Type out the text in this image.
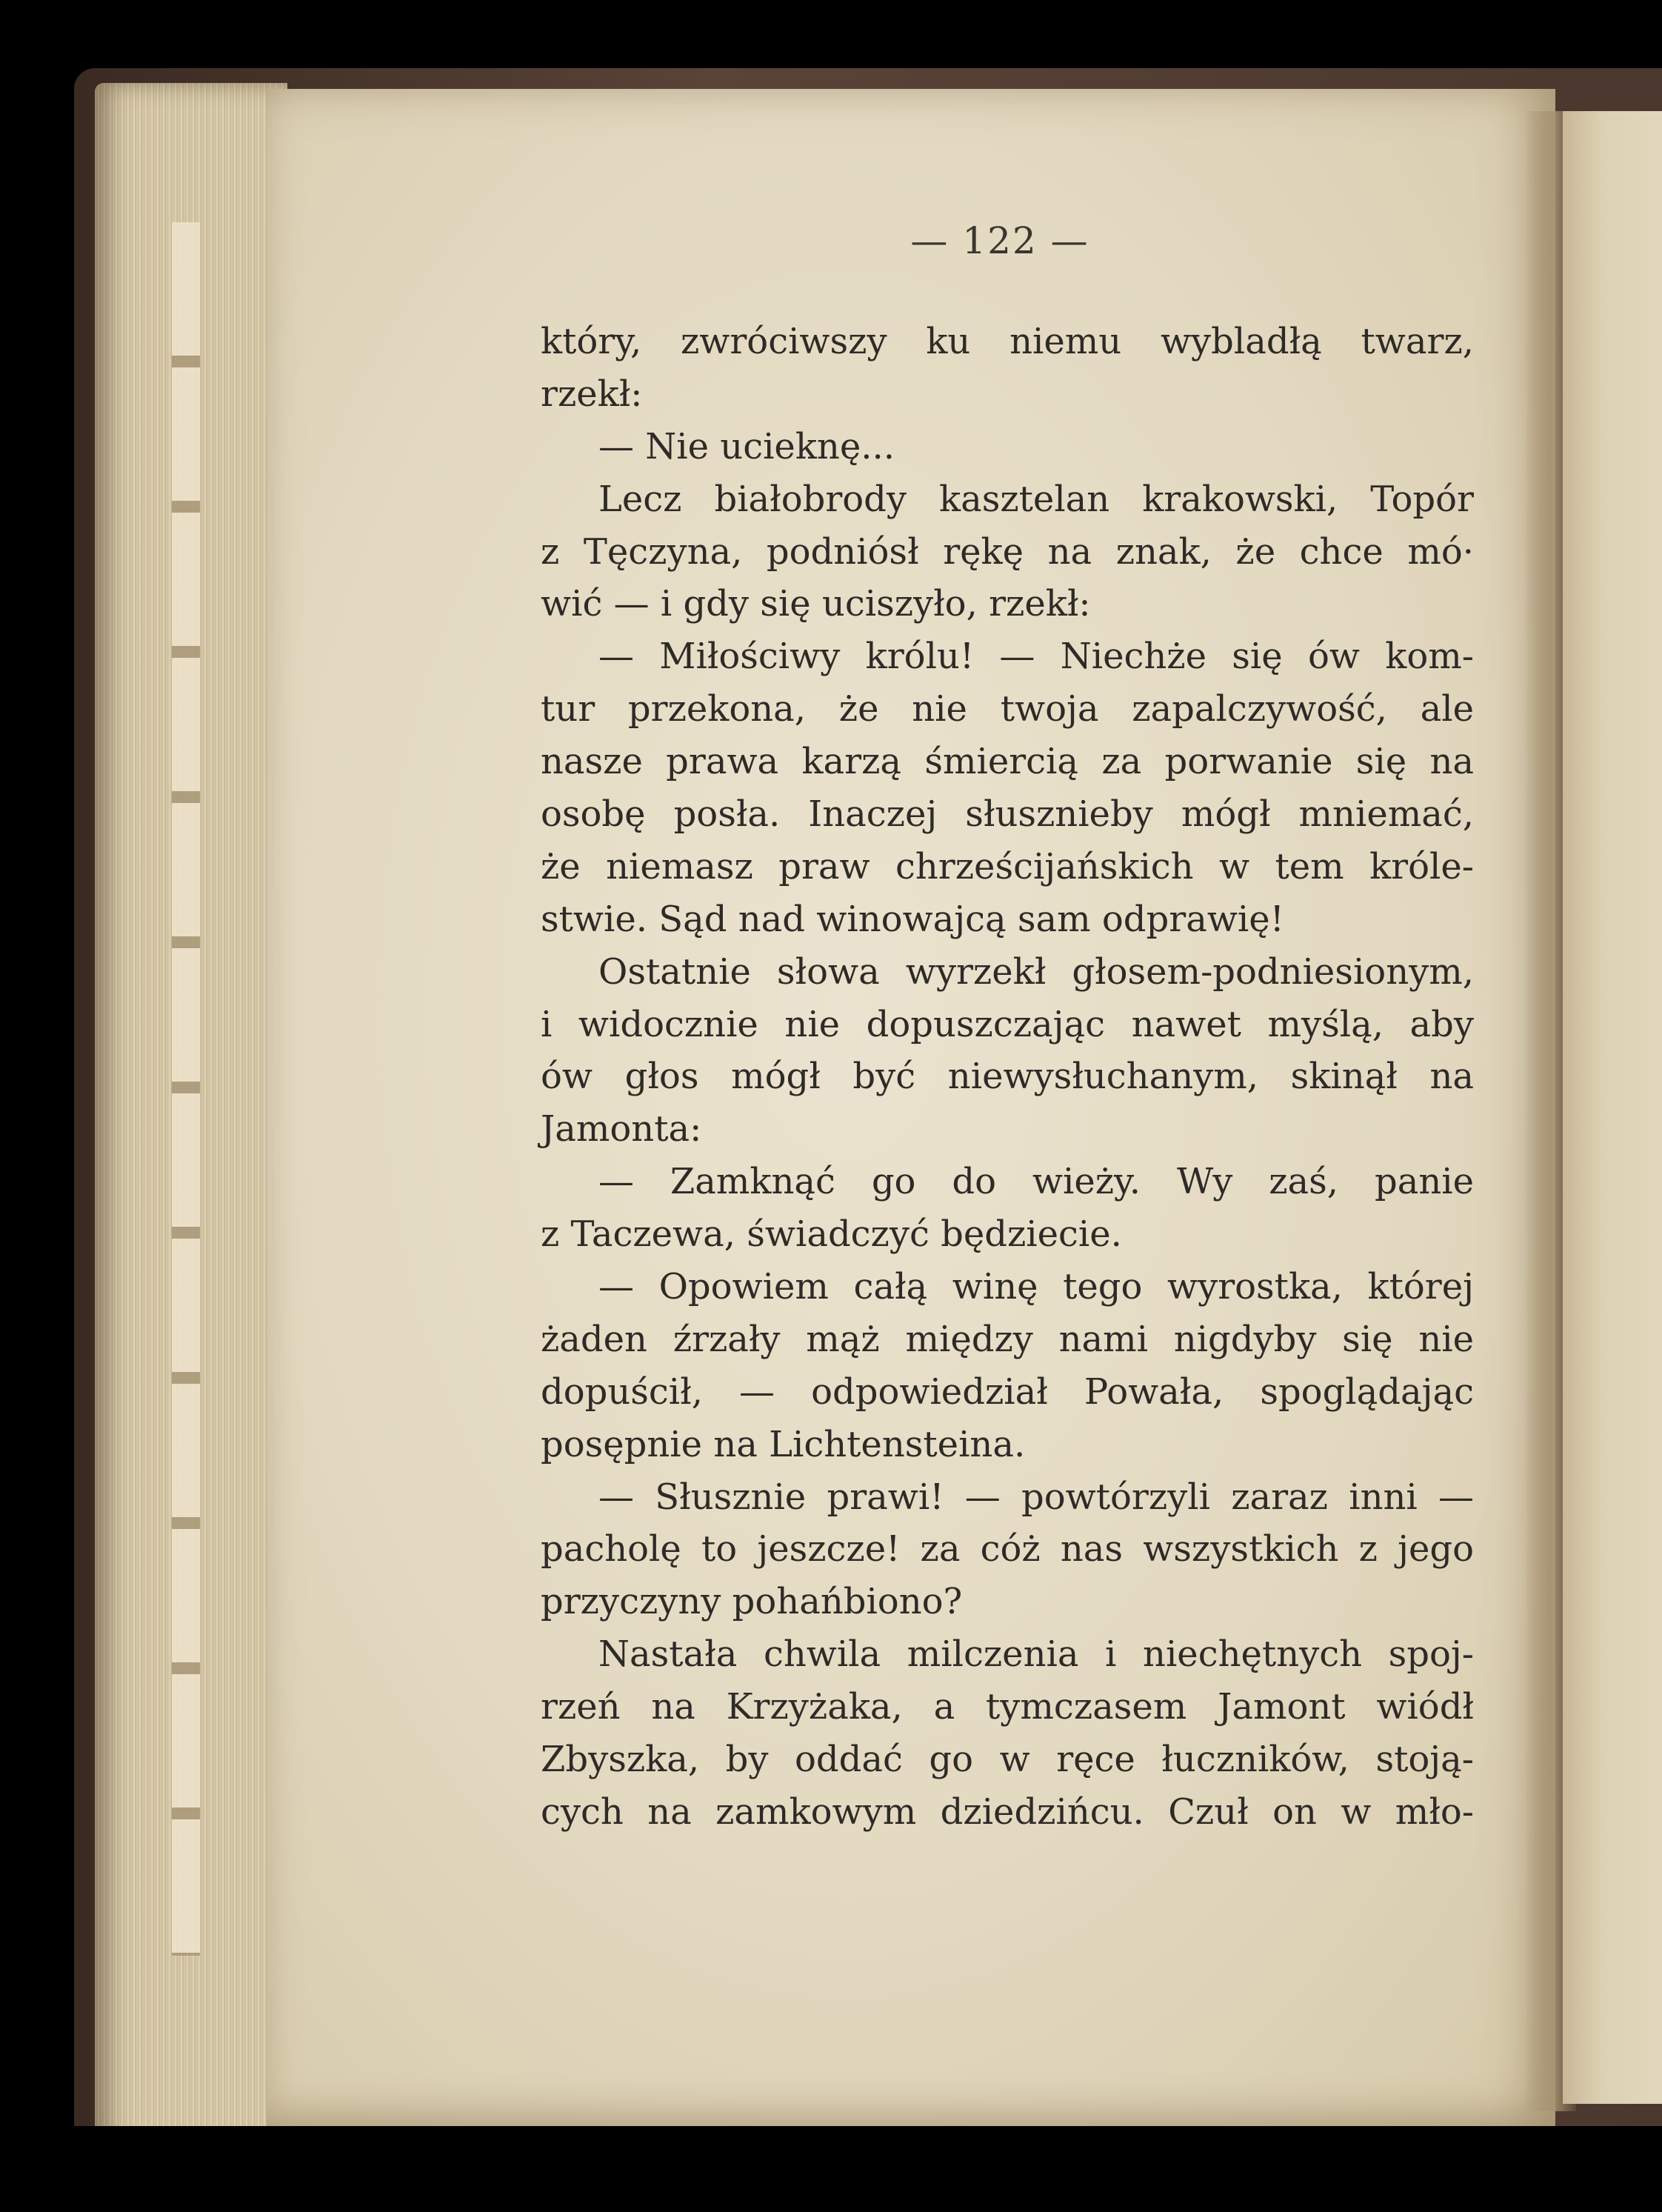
— 122 —
który, zwróciwszy ku niemu wybladłą twarz,
rzekł:
— Nie ucieknę...
Lecz białobrody kasztelan krakowski, Topór
z Tęczyna, podniósł rękę na znak, że chce mó·
wić — i gdy się uciszyło, rzekł:
— Miłościwy królu! — Niechże się ów kom-
tur przekona, że nie twoja zapalczywość, ale
nasze prawa karzą śmiercią za porwanie się na
osobę posła. Inaczej słusznieby mógł mniemać,
że niemasz praw chrześcijańskich w tem króle-
stwie. Sąd nad winowajcą sam odprawię!
Ostatnie słowa wyrzekł głosem-podniesionym,
i widocznie nie dopuszczając nawet myślą, aby
ów głos mógł być niewysłuchanym, skinął na
Jamonta:
— Zamknąć go do wieży. Wy zaś, panie
z Taczewa, świadczyć będziecie.
— Opowiem całą winę tego wyrostka, której
żaden źrzały mąż między nami nigdyby się nie
dopuścił, — odpowiedział Powała, spoglądając
posępnie na Lichtensteina.
— Słusznie prawi! — powtórzyli zaraz inni —
pacholę to jeszcze! za cóż nas wszystkich z jego
przyczyny pohańbiono?
Nastała chwila milczenia i niechętnych spoj-
rzeń na Krzyżaka, a tymczasem Jamont wiódł
Zbyszka, by oddać go w ręce łuczników, stoją-
cych na zamkowym dziedzińcu. Czuł on w mło-
